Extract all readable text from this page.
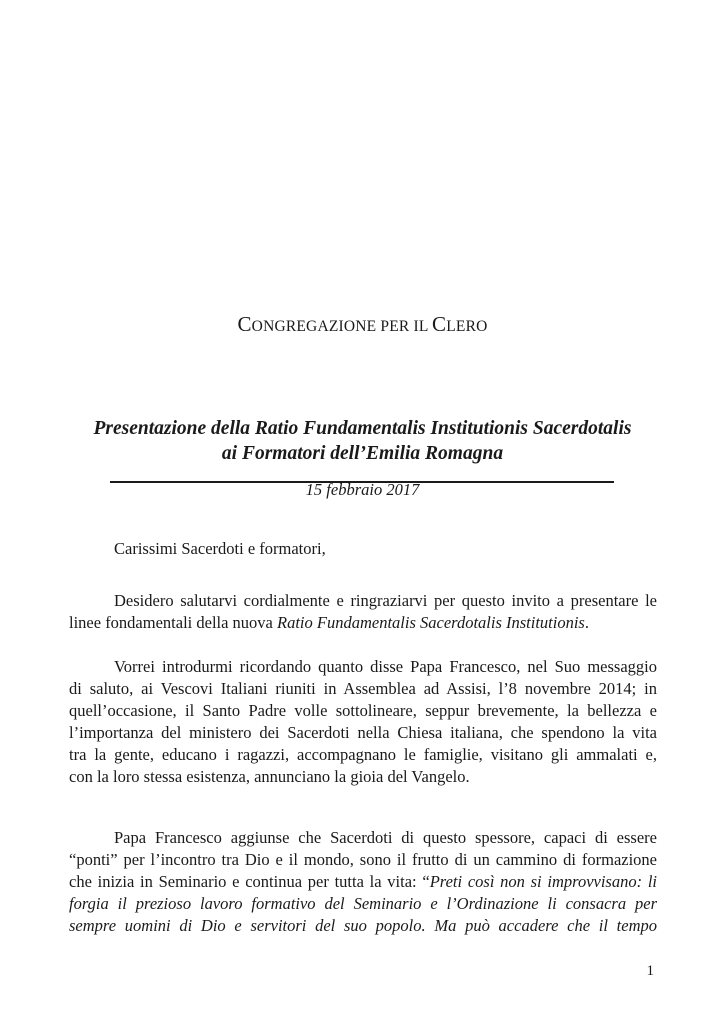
CONGREGAZIONE PER IL CLERO
Presentazione della Ratio Fundamentalis Institutionis Sacerdotalis
ai Formatori dell’Emilia Romagna
15 febbraio 2017
Carissimi Sacerdoti e formatori,
Desidero salutarvi cordialmente e ringraziarvi per questo invito a presentare le
linee fondamentali della nuova Ratio Fundamentalis Sacerdotalis Institutionis.
Vorrei introdurmi ricordando quanto disse Papa Francesco, nel Suo messaggio
di saluto, ai Vescovi Italiani riuniti in Assemblea ad Assisi, l’8 novembre 2014; in
quell’occasione, il Santo Padre volle sottolineare, seppur brevemente, la bellezza e
l’importanza del ministero dei Sacerdoti nella Chiesa italiana, che spendono la vita
tra la gente, educano i ragazzi, accompagnano le famiglie, visitano gli ammalati e,
con la loro stessa esistenza, annunciano la gioia del Vangelo.
Papa Francesco aggiunse che Sacerdoti di questo spessore, capaci di essere
“ponti” per l’incontro tra Dio e il mondo, sono il frutto di un cammino di formazione
che inizia in Seminario e continua per tutta la vita: “Preti così non si improvvisano: li
forgia il prezioso lavoro formativo del Seminario e l’Ordinazione li consacra per
sempre uomini di Dio e servitori del suo popolo. Ma può accadere che il tempo
1
